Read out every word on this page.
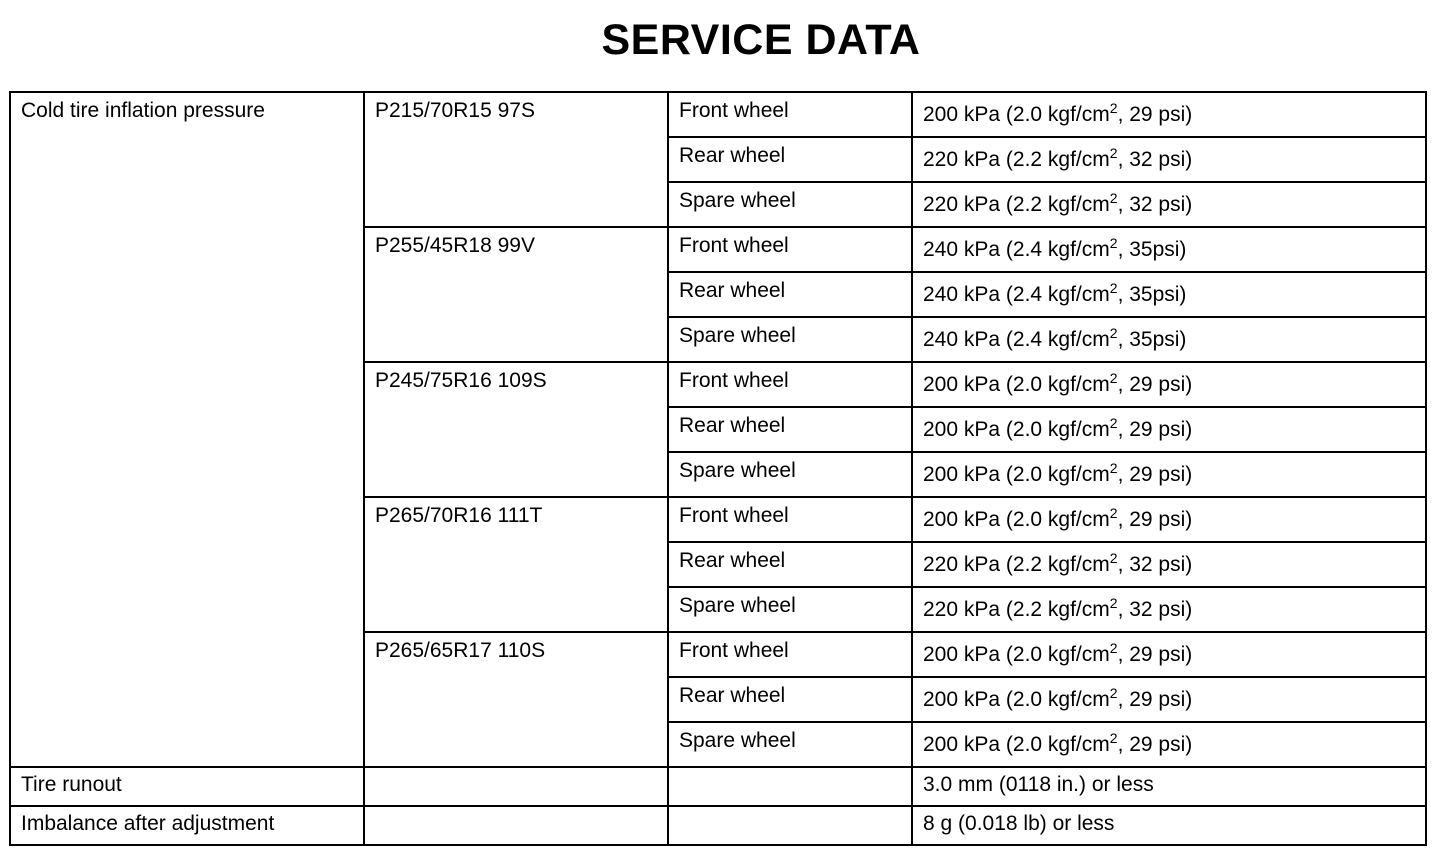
SERVICE DATA
Cold tire inflation pressure	P215/70R15 97S	Front wheel	200 kPa (2.0 kgf/$cm^2$, 29 psi)
		Rear wheel	220 kPa (2.2 kgf/$cm^2$, 32 psi)
		Spare wheel	220 kPa (2.2 kgf/$cm^2$, 32 psi)
	P255/45R18 99V	Front wheel	240 kPa (2.4 kgf/$cm^2$, 35psi)
		Rear wheel	240 kPa (2.4 kgf/$cm^2$, 35psi)
		Spare wheel	240 kPa (2.4 kgf/$cm^2$, 35psi)
	P245/75R16 109S	Front wheel	200 kPa (2.0 kgf/$cm^2$, 29 psi)
		Rear wheel	200 kPa (2.0 kgf/$cm^2$, 29 psi)
		Spare wheel	200 kPa (2.0 kgf/$cm^2$, 29 psi)
	P265/70R16 111T	Front wheel	200 kPa (2.0 kgf/$cm^2$, 29 psi)
		Rear wheel	220 kPa (2.2 kgf/$cm^2$, 32 psi)
		Spare wheel	220 kPa (2.2 kgf/$cm^2$, 32 psi)
	P265/65R17 110S	Front wheel	200 kPa (2.0 kgf/$cm^2$, 29 psi)
		Rear wheel	200 kPa (2.0 kgf/$cm^2$, 29 psi)
		Spare wheel	200 kPa (2.0 kgf/$cm^2$, 29 psi)
Tire runout			3.0 mm (0118 in.) or less
Imbalance after adjustment			8 g (0.018 lb) or less
